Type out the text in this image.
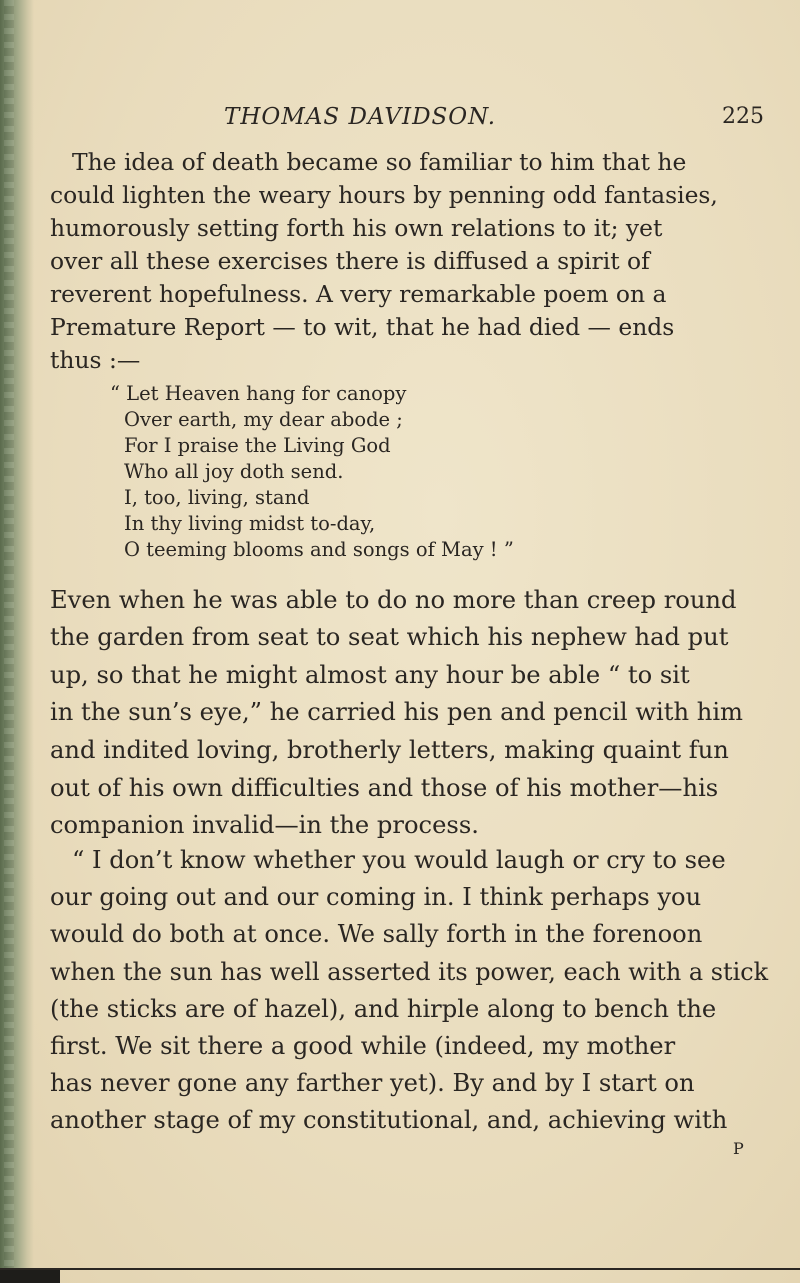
THOMAS DAVIDSON.	225
The idea of death became so familiar to him that he
could lighten the weary hours by penning odd fantasies,
humorously setting forth his own relations to it; yet
over all these exercises there is diffused a spirit of
reverent hopefulness. A very remarkable poem on a
Premature Report — to wit, that he had died — ends
thus :—
“ Let Heaven hang for canopy
Over earth, my dear abode ;
For I praise the Living God
Who all joy doth send.
I, too, living, stand
In thy living midst to-day,
O teeming blooms and songs of May ! ”
Even when he was able to do no more than creep round
the garden from seat to seat which his nephew had put
up, so that he might almost any hour be able “ to sit
in the sun’s eye,” he carried his pen and pencil with him
and indited loving, brotherly letters, making quaint fun
out of his own difficulties and those of his mother—his
companion invalid—in the process.
“ I don’t know whether you would laugh or cry to see
our going out and our coming in. I think perhaps you
would do both at once. We sally forth in the forenoon
when the sun has well asserted its power, each with a stick
(the sticks are of hazel), and hirple along to bench the
first. We sit there a good while (indeed, my mother
has never gone any farther yet). By and by I start on
another stage of my constitutional, and, achieving with
P
